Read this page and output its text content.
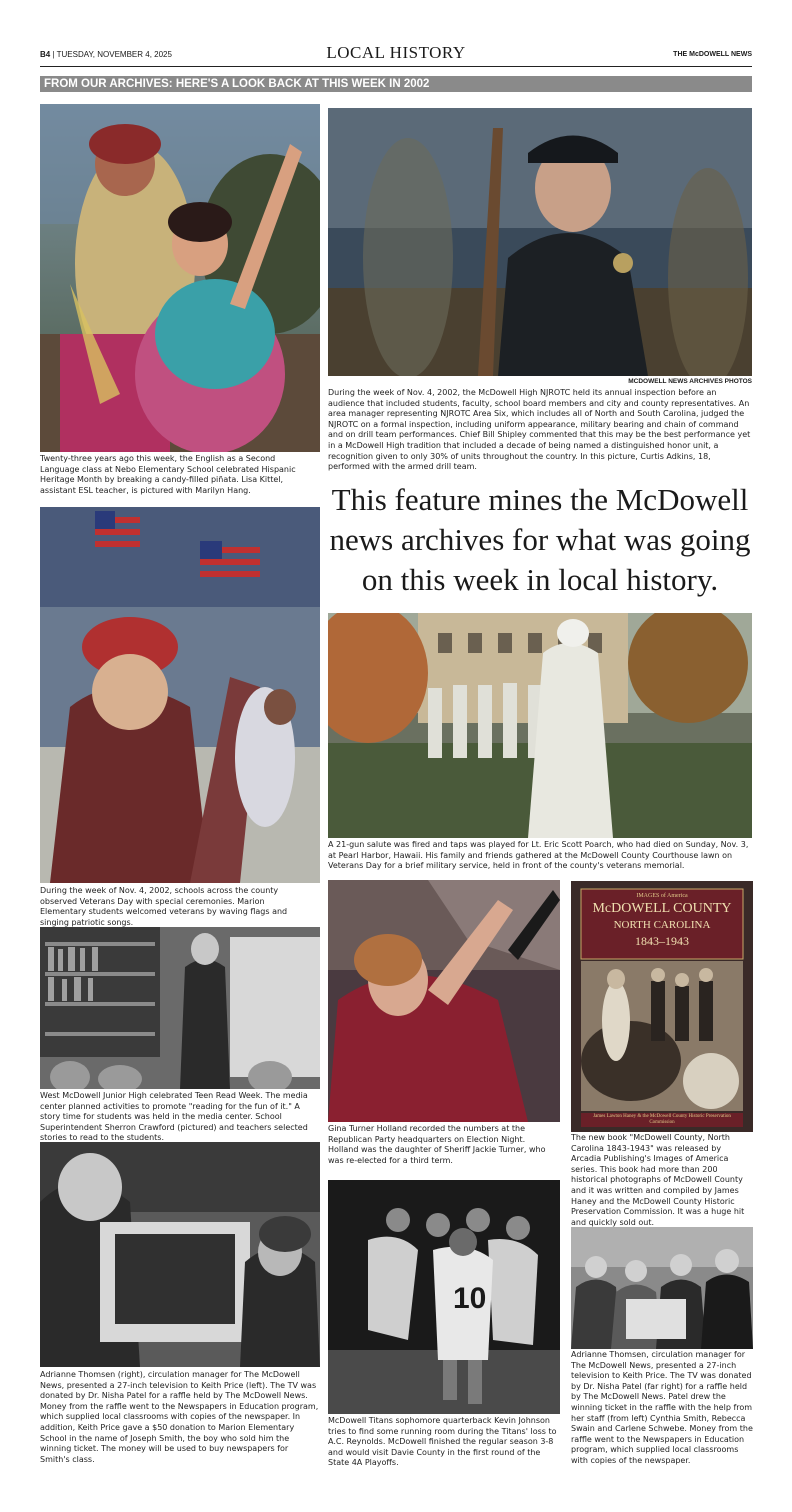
B4 | TUESDAY, NOVEMBER 4, 2025	LOCAL HISTORY	THE McDOWELL NEWS
FROM OUR ARCHIVES: HERE'S A LOOK BACK AT THIS WEEK IN 2002
Twenty-three years ago this week, the English as a Second Language class at Nebo Elementary School celebrated Hispanic Heritage Month by breaking a candy-filled piñata. Lisa Kittel, assistant ESL teacher, is pictured with Marilyn Hang.
MCDOWELL NEWS ARCHIVES PHOTOS
During the week of Nov. 4, 2002, the McDowell High NJROTC held its annual inspection before an audience that included students, faculty, school board members and city and county representatives. An area manager representing NJROTC Area Six, which includes all of North and South Carolina, judged the NJROTC on a formal inspection, including uniform appearance, military bearing and chain of command and on drill team performances. Chief Bill Shipley commented that this may be the best performance yet in a McDowell High tradition that included a decade of being named a distinguished honor unit, a recognition given to only 30% of units throughout the country. In this picture, Curtis Adkins, 18, performed with the armed drill team.
This feature mines the McDowell news archives for what was going on this week in local history.
During the week of Nov. 4, 2002, schools across the county observed Veterans Day with special ceremonies. Marion Elementary students welcomed veterans by waving flags and singing patriotic songs.
A 21-gun salute was fired and taps was played for Lt. Eric Scott Poarch, who had died on Sunday, Nov. 3, at Pearl Harbor, Hawaii. His family and friends gathered at the McDowell County Courthouse lawn on Veterans Day for a brief military service, held in front of the county's veterans memorial.
West McDowell Junior High celebrated Teen Read Week. The media center planned activities to promote "reading for the fun of it." A story time for students was held in the media center. School Superintendent Sherron Crawford (pictured) and teachers selected stories to read to the students.
Gina Turner Holland recorded the numbers at the Republican Party headquarters on Election Night. Holland was the daughter of Sheriff Jackie Turner, who was re-elected for a third term.
IMAGES of America
McDOWELL COUNTY
NORTH CAROLINA
1843–1943
James Lawton Haney & the McDowell County Historic Preservation Commission
The new book "McDowell County, North Carolina 1843-1943" was released by Arcadia Publishing's Images of America series. This book had more than 200 historical photographs of McDowell County and it was written and compiled by James Haney and the McDowell County Historic Preservation Commission. It was a huge hit and quickly sold out.
Adrianne Thomsen (right), circulation manager for The McDowell News, presented a 27-inch television to Keith Price (left). The TV was donated by Dr. Nisha Patel for a raffle held by The McDowell News. Money from the raffle went to the Newspapers in Education program, which supplied local classrooms with copies of the newspaper. In addition, Keith Price gave a $50 donation to Marion Elementary School in the name of Joseph Smith, the boy who sold him the winning ticket. The money will be used to buy newspapers for Smith's class.
10
McDowell Titans sophomore quarterback Kevin Johnson tries to find some running room during the Titans' loss to A.C. Reynolds. McDowell finished the regular season 3-8 and would visit Davie County in the first round of the State 4A Playoffs.
Adrianne Thomsen, circulation manager for The McDowell News, presented a 27-inch television to Keith Price. The TV was donated by Dr. Nisha Patel (far right) for a raffle held by The McDowell News. Patel drew the winning ticket in the raffle with the help from her staff (from left) Cynthia Smith, Rebecca Swain and Carlene Schwebe. Money from the raffle went to the Newspapers in Education program, which supplied local classrooms with copies of the newspaper.
